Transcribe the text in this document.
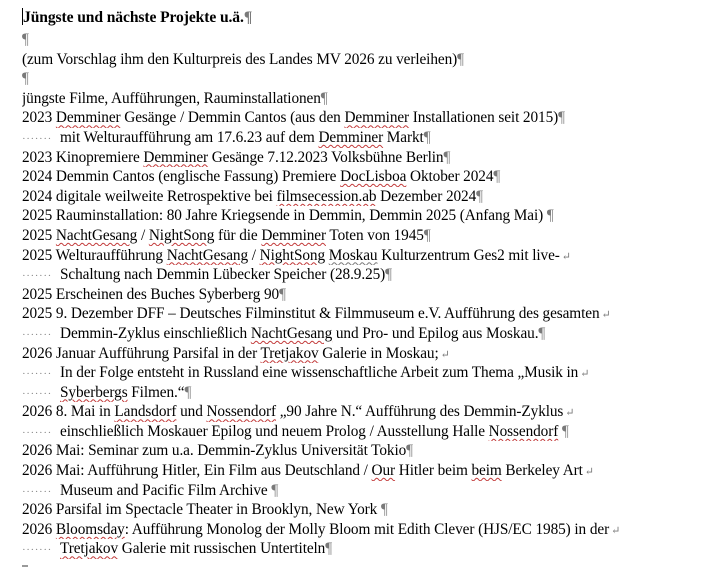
Jüngste und nächste Projekte u.ä.¶
¶
(zum Vorschlag ihm den Kulturpreis des Landes MV 2026 zu verleihen)¶
¶
jüngste Filme, Aufführungen, Rauminstallationen¶
2023 Demminer Gesänge / Demmin Cantos (aus den Demminer Installationen seit 2015)¶
······· mit Welturaufführung am 17.6.23 auf dem Demminer Markt¶
2023 Kinopremiere Demminer Gesänge 7.12.2023 Volksbühne Berlin¶
2024 Demmin Cantos (englische Fassung) Premiere DocLisboa Oktober 2024¶
2024 digitale weilweite Retrospektive bei filmsecession.ab Dezember 2024¶
2025 Rauminstallation: 80 Jahre Kriegsende in Demmin, Demmin 2025 (Anfang Mai) ¶
2025 NachtGesang / NightSong für die Demminer Toten von 1945¶
2025 Welturaufführung NachtGesang / NightSong Moskau Kulturzentrum Ges2 mit live- ↵
······· Schaltung nach Demmin Lübecker Speicher (28.9.25)¶
2025 Erscheinen des Buches Syberberg 90¶
2025 9. Dezember DFF – Deutsches Filminstitut & Filmmuseum e.V. Aufführung des gesamten ↵
······· Demmin-Zyklus einschließlich NachtGesang und Pro- und Epilog aus Moskau.¶
2026 Januar Aufführung Parsifal in der Tretjakov Galerie in Moskau; ↵
······· In der Folge entsteht in Russland eine wissenschaftliche Arbeit zum Thema „Musik in ↵
······· Syberbergs Filmen.“¶
2026 8. Mai in Landsdorf und Nossendorf „90 Jahre N.“ Aufführung des Demmin-Zyklus ↵
······· einschließlich Moskauer Epilog und neuem Prolog / Ausstellung Halle Nossendorf ¶
2026 Mai: Seminar zum u.a. Demmin-Zyklus Universität Tokio¶
2026 Mai: Aufführung Hitler, Ein Film aus Deutschland / Our Hitler beim beim Berkeley Art ↵
······· Museum and Pacific Film Archive ¶
2026 Parsifal im Spectacle Theater in Brooklyn, New York ¶
2026 Bloomsday: Aufführung Monolog der Molly Bloom mit Edith Clever (HJS/EC 1985) in der ↵
······· Tretjakov Galerie mit russischen Untertiteln¶
